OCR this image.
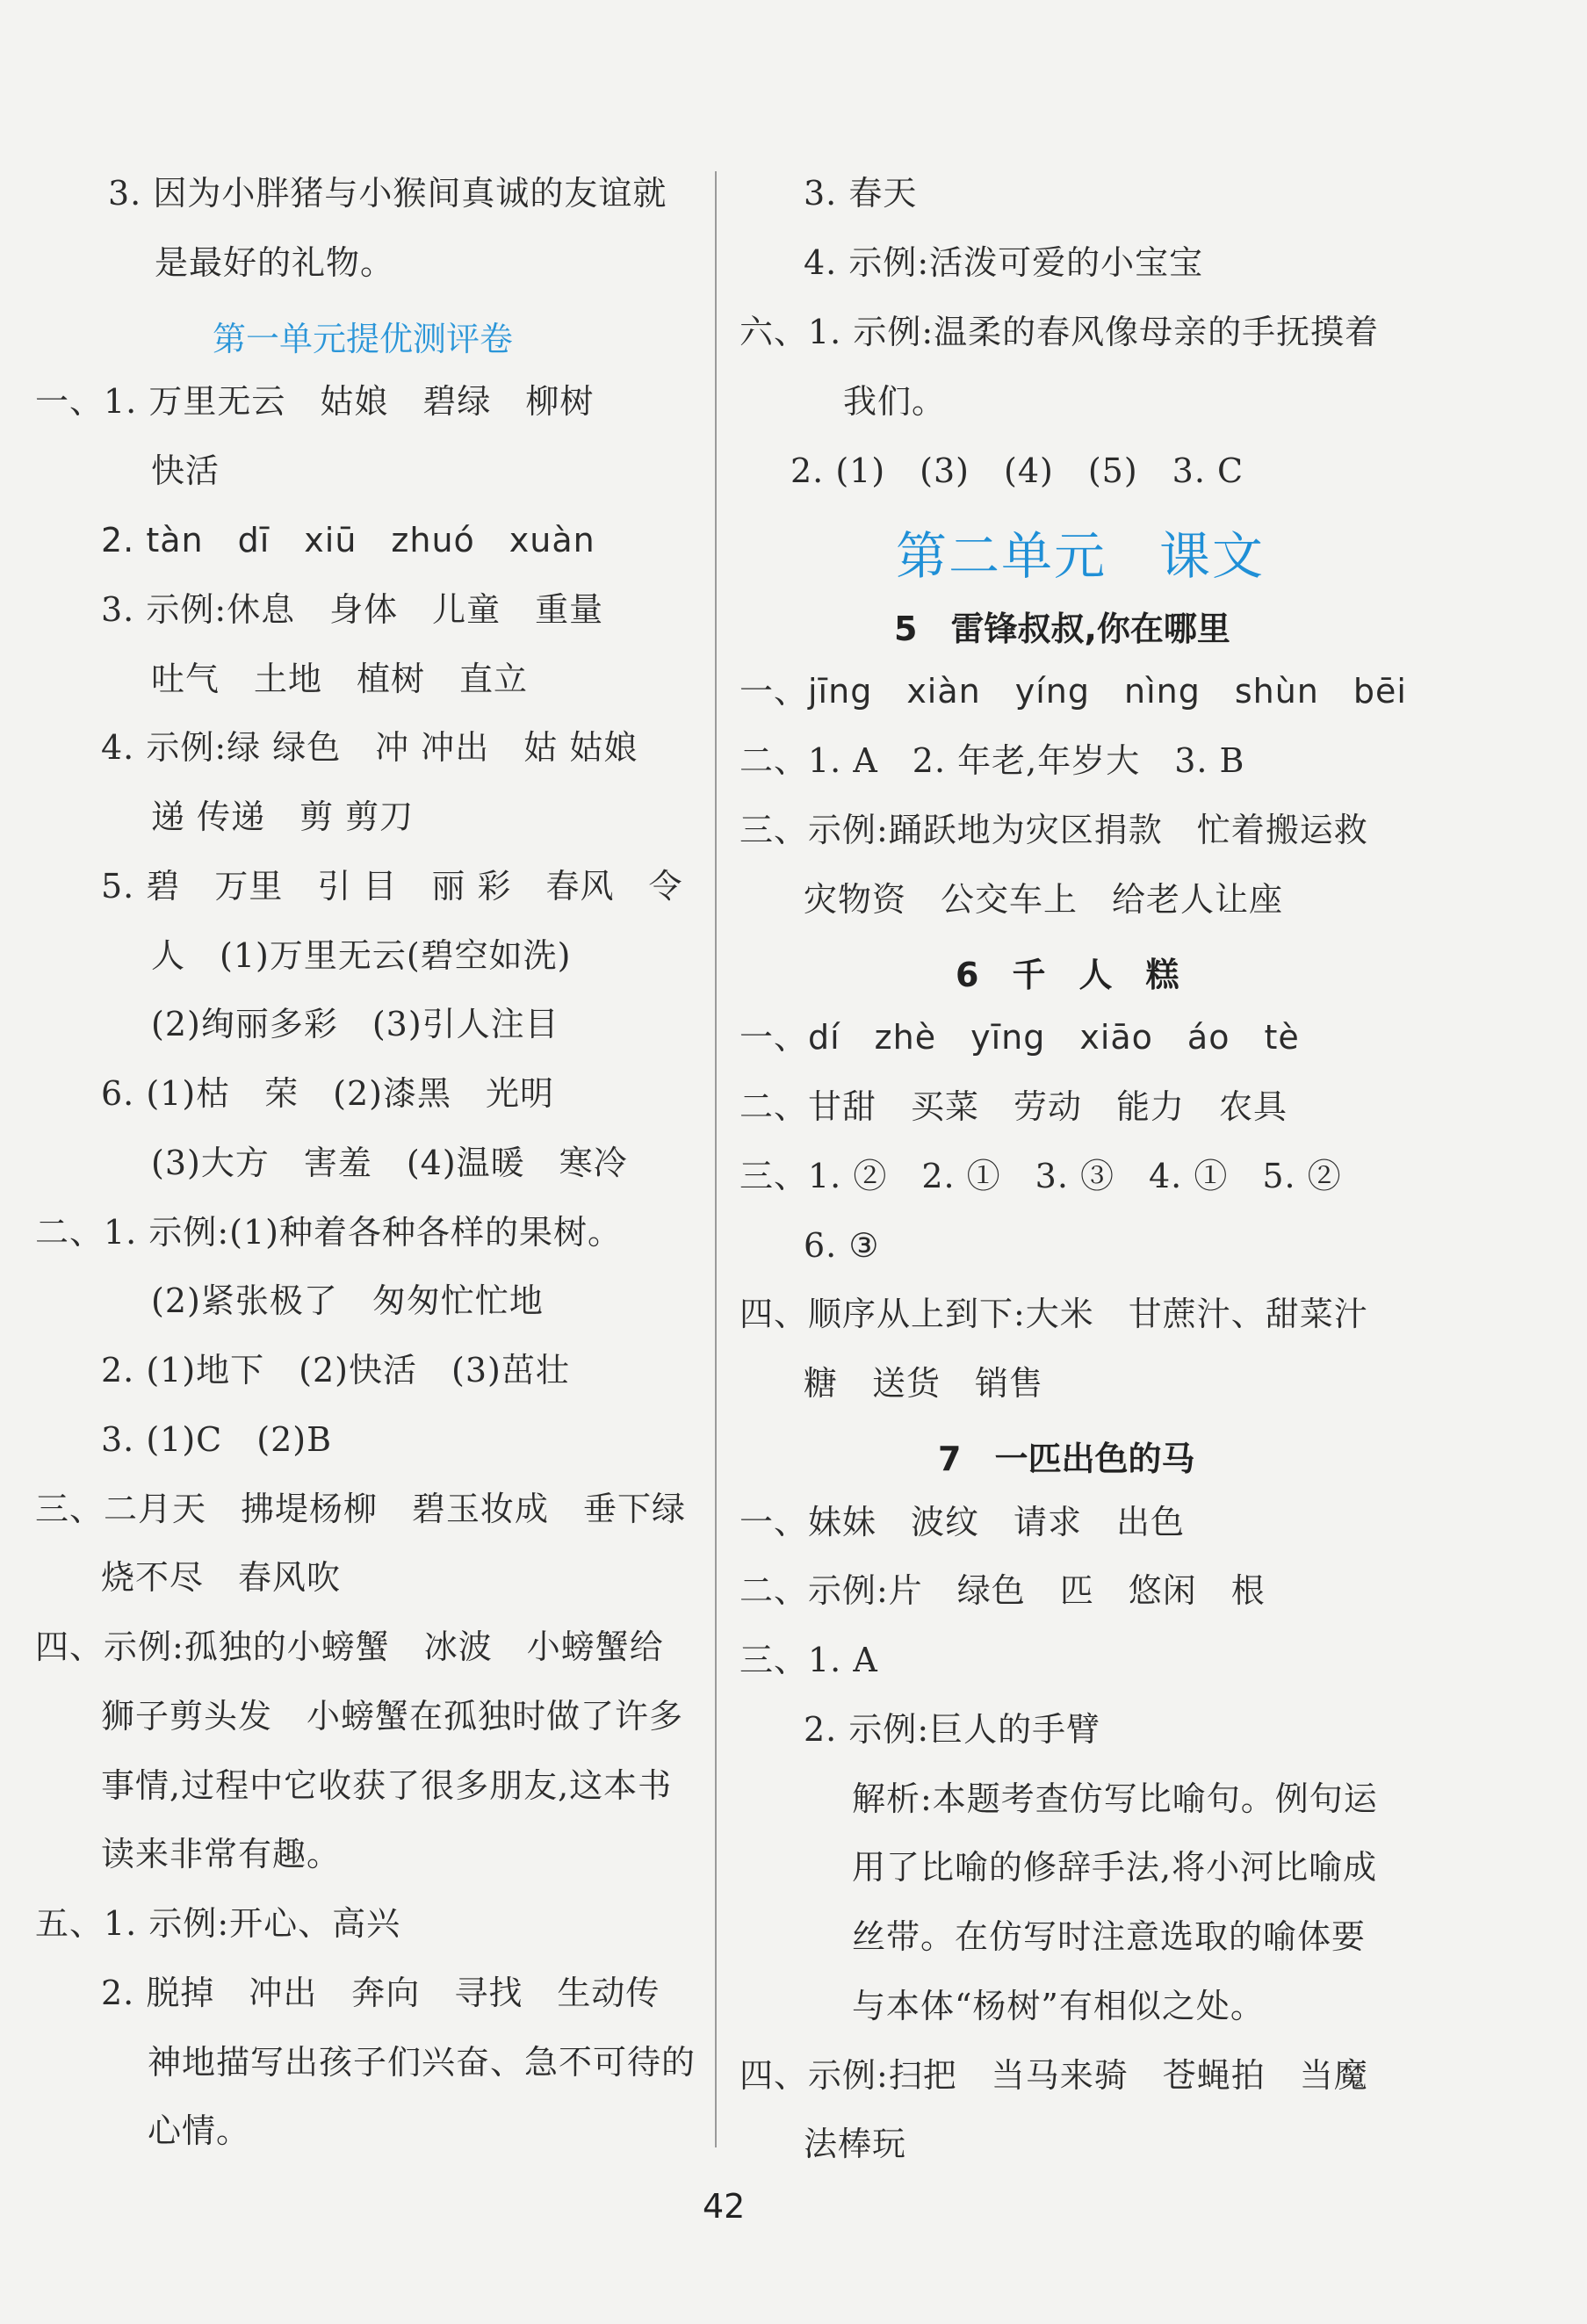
3. 因为小胖猪与小猴间真诚的友谊就
是最好的礼物。
第一单元提优测评卷
一、1. 万里无云　姑娘　碧绿　柳树
快活
2. tàn　dī　xiū　zhuó　xuàn
3. 示例:休息　身体　儿童　重量
吐气　土地　植树　直立
4. 示例:绿 绿色　冲 冲出　姑 姑娘
递 传递　剪 剪刀
5. 碧　万里　引 目　丽 彩　春风　令
人　(1)万里无云(碧空如洗)
(2)绚丽多彩　(3)引人注目
6. (1)枯　荣　(2)漆黑　光明
(3)大方　害羞　(4)温暖　寒冷
二、1. 示例:(1)种着各种各样的果树。
(2)紧张极了　匆匆忙忙地
2. (1)地下　(2)快活　(3)茁壮
3. (1)C　(2)B
三、二月天　拂堤杨柳　碧玉妆成　垂下绿
烧不尽　春风吹
四、示例:孤独的小螃蟹　冰波　小螃蟹给
狮子剪头发　小螃蟹在孤独时做了许多
事情,过程中它收获了很多朋友,这本书
读来非常有趣。
五、1. 示例:开心、高兴
2. 脱掉　冲出　奔向　寻找　生动传
神地描写出孩子们兴奋、急不可待的
心情。
3. 春天
4. 示例:活泼可爱的小宝宝
六、1. 示例:温柔的春风像母亲的手抚摸着
我们。
2. (1)　(3)　(4)　(5)　3. C
第二单元　课文
5　雷锋叔叔,你在哪里
一、jīng　xiàn　yíng　nìng　shùn　bēi
二、1. A　2. 年老,年岁大　3. B
三、示例:踊跃地为灾区捐款　忙着搬运救
灾物资　公交车上　给老人让座
6　千　人　糕
一、dí　zhè　yīng　xiāo　áo　tè
二、甘甜　买菜　劳动　能力　农具
三、1. ②　2. ①　3. ③　4. ①　5. ②
6. ③
四、顺序从上到下:大米　甘蔗汁、甜菜汁
糖　送货　销售
7　一匹出色的马
一、妹妹　波纹　请求　出色
二、示例:片　绿色　匹　悠闲　根
三、1. A
2. 示例:巨人的手臂
解析:本题考查仿写比喻句。例句运
用了比喻的修辞手法,将小河比喻成
丝带。在仿写时注意选取的喻体要
与本体“杨树”有相似之处。
四、示例:扫把　当马来骑　苍蝇拍　当魔
法棒玩
42
